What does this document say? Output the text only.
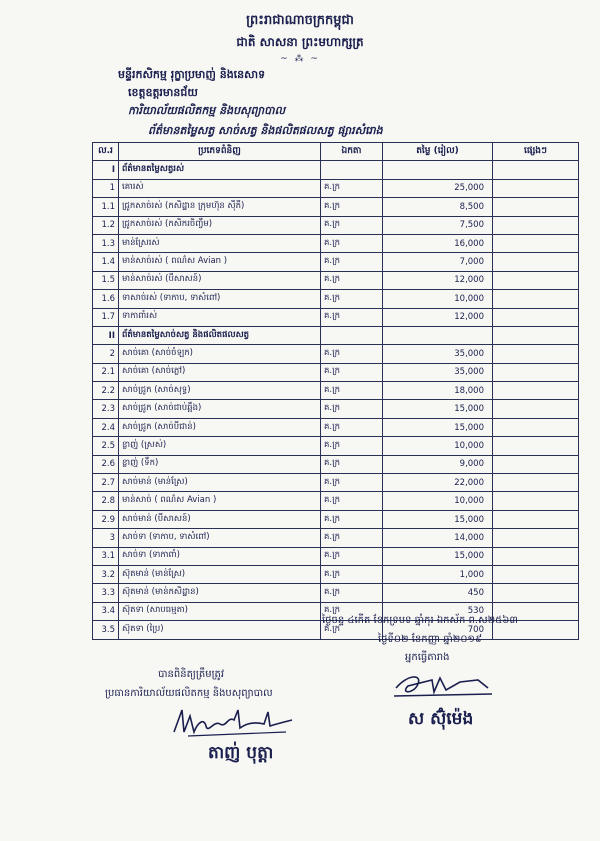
ព្រះរាជាណាចក្រកម្ពុជា
ជាតិ សាសនា ព្រះមហាក្សត្រ
~ ⁂ ~
មន្ទីរកសិកម្ម រុក្ខាប្រមាញ់ និងនេសាទ
ខេត្តឧត្តរមានជ័យ
ការិយាល័យផលិតកម្ម និងបសុព្យាបាល
ព័ត៌មានតម្លៃសត្វ សាច់សត្វ និងផលិតផលសត្វ ផ្សារសំរោង
ល.រ	ប្រភេទពំនិញ	ឯកតា	តម្លៃ (រៀល)	ផ្សេងៗ
I	ព័ត៌មានតម្លៃសត្វរស់			
1	គោរស់	គ.ក្រ	25,000	
1.1	ជ្រូកសាច់រស់ (កសិដ្ឋាន ក្រុមហ៊ុន ស៊ីភី)	គ.ក្រ	8,500	
1.2	ជ្រូកសាច់រស់ (កសិករចិញ្ចឹម)	គ.ក្រ	7,500	
1.3	មាន់ស្រែរស់	គ.ក្រ	16,000	
1.4	មាន់សាច់រស់ ( ពណ៌ស Avian )	គ.ក្រ	7,000	
1.5	មាន់សាច់រស់ (បីសាសន៍)	គ.ក្រ	12,000	
1.6	ទាសាច់រស់ (ទាកាប, ទាសំពៅ)	គ.ក្រ	10,000	
1.7	ទាកាពាំរស់	គ.ក្រ	12,000	
II	ព័ត៌មានតម្លៃសាច់សត្វ និងផលិតផលសត្វ			
2	សាច់គោ (សាច់ចំឡក)	គ.ក្រ	35,000	
2.1	សាច់គោ (សាច់ភ្លៅ)	គ.ក្រ	35,000	
2.2	សាច់ជ្រូក (សាច់សុទ្ធ)	គ.ក្រ	18,000	
2.3	សាច់ជ្រូក (សាច់ជាប់ឆ្អឹង)	គ.ក្រ	15,000	
2.4	សាច់ជ្រូក (សាច់បីជាន់)	គ.ក្រ	15,000	
2.5	ខ្លាញ់ (ស្រស់)	គ.ក្រ	10,000	
2.6	ខ្លាញ់ (ទឹក)	គ.ក្រ	9,000	
2.7	សាច់មាន់ (មាន់ស្រែ)	គ.ក្រ	22,000	
2.8	មាន់សាច់ ( ពណ៌ស Avian )	គ.ក្រ	10,000	
2.9	សាច់មាន់ (បីសាសន៍)	គ.ក្រ	15,000	
3	សាច់ទា (ទាកាប, ទាសំពៅ)	គ.ក្រ	14,000	
3.1	សាច់ទា (ទាកាពាំ)	គ.ក្រ	15,000	
3.2	ស៊ុតមាន់ (មាន់ស្រែ)	គ.ក្រ	1,000	
3.3	ស៊ុតមាន់ (មាន់កសិដ្ឋាន)	គ.ក្រ	450	
3.4	ស៊ុតទា (សាបធម្មតា)	គ.ក្រ	530	
3.5	ស៊ុតទា (ប្រៃ)	គ.ក្រ	700	
ថ្ងៃចន្ទ ៤កើត ខែភទ្របទ ឆ្នាំកុរ ឯកស័ក ព.ស២៥៦៣
ថ្ងៃទី០២ ខែកញ្ញា ឆ្នាំ២០១៩
អ្នកធ្វើតារាង
ស ស៊ុំម៉េង
បានពិនិត្យត្រឹមត្រូវ
ប្រធានការិយាល័យផលិតកម្ម និងបសុព្យាបាល
តាញ់ បុត្តា
